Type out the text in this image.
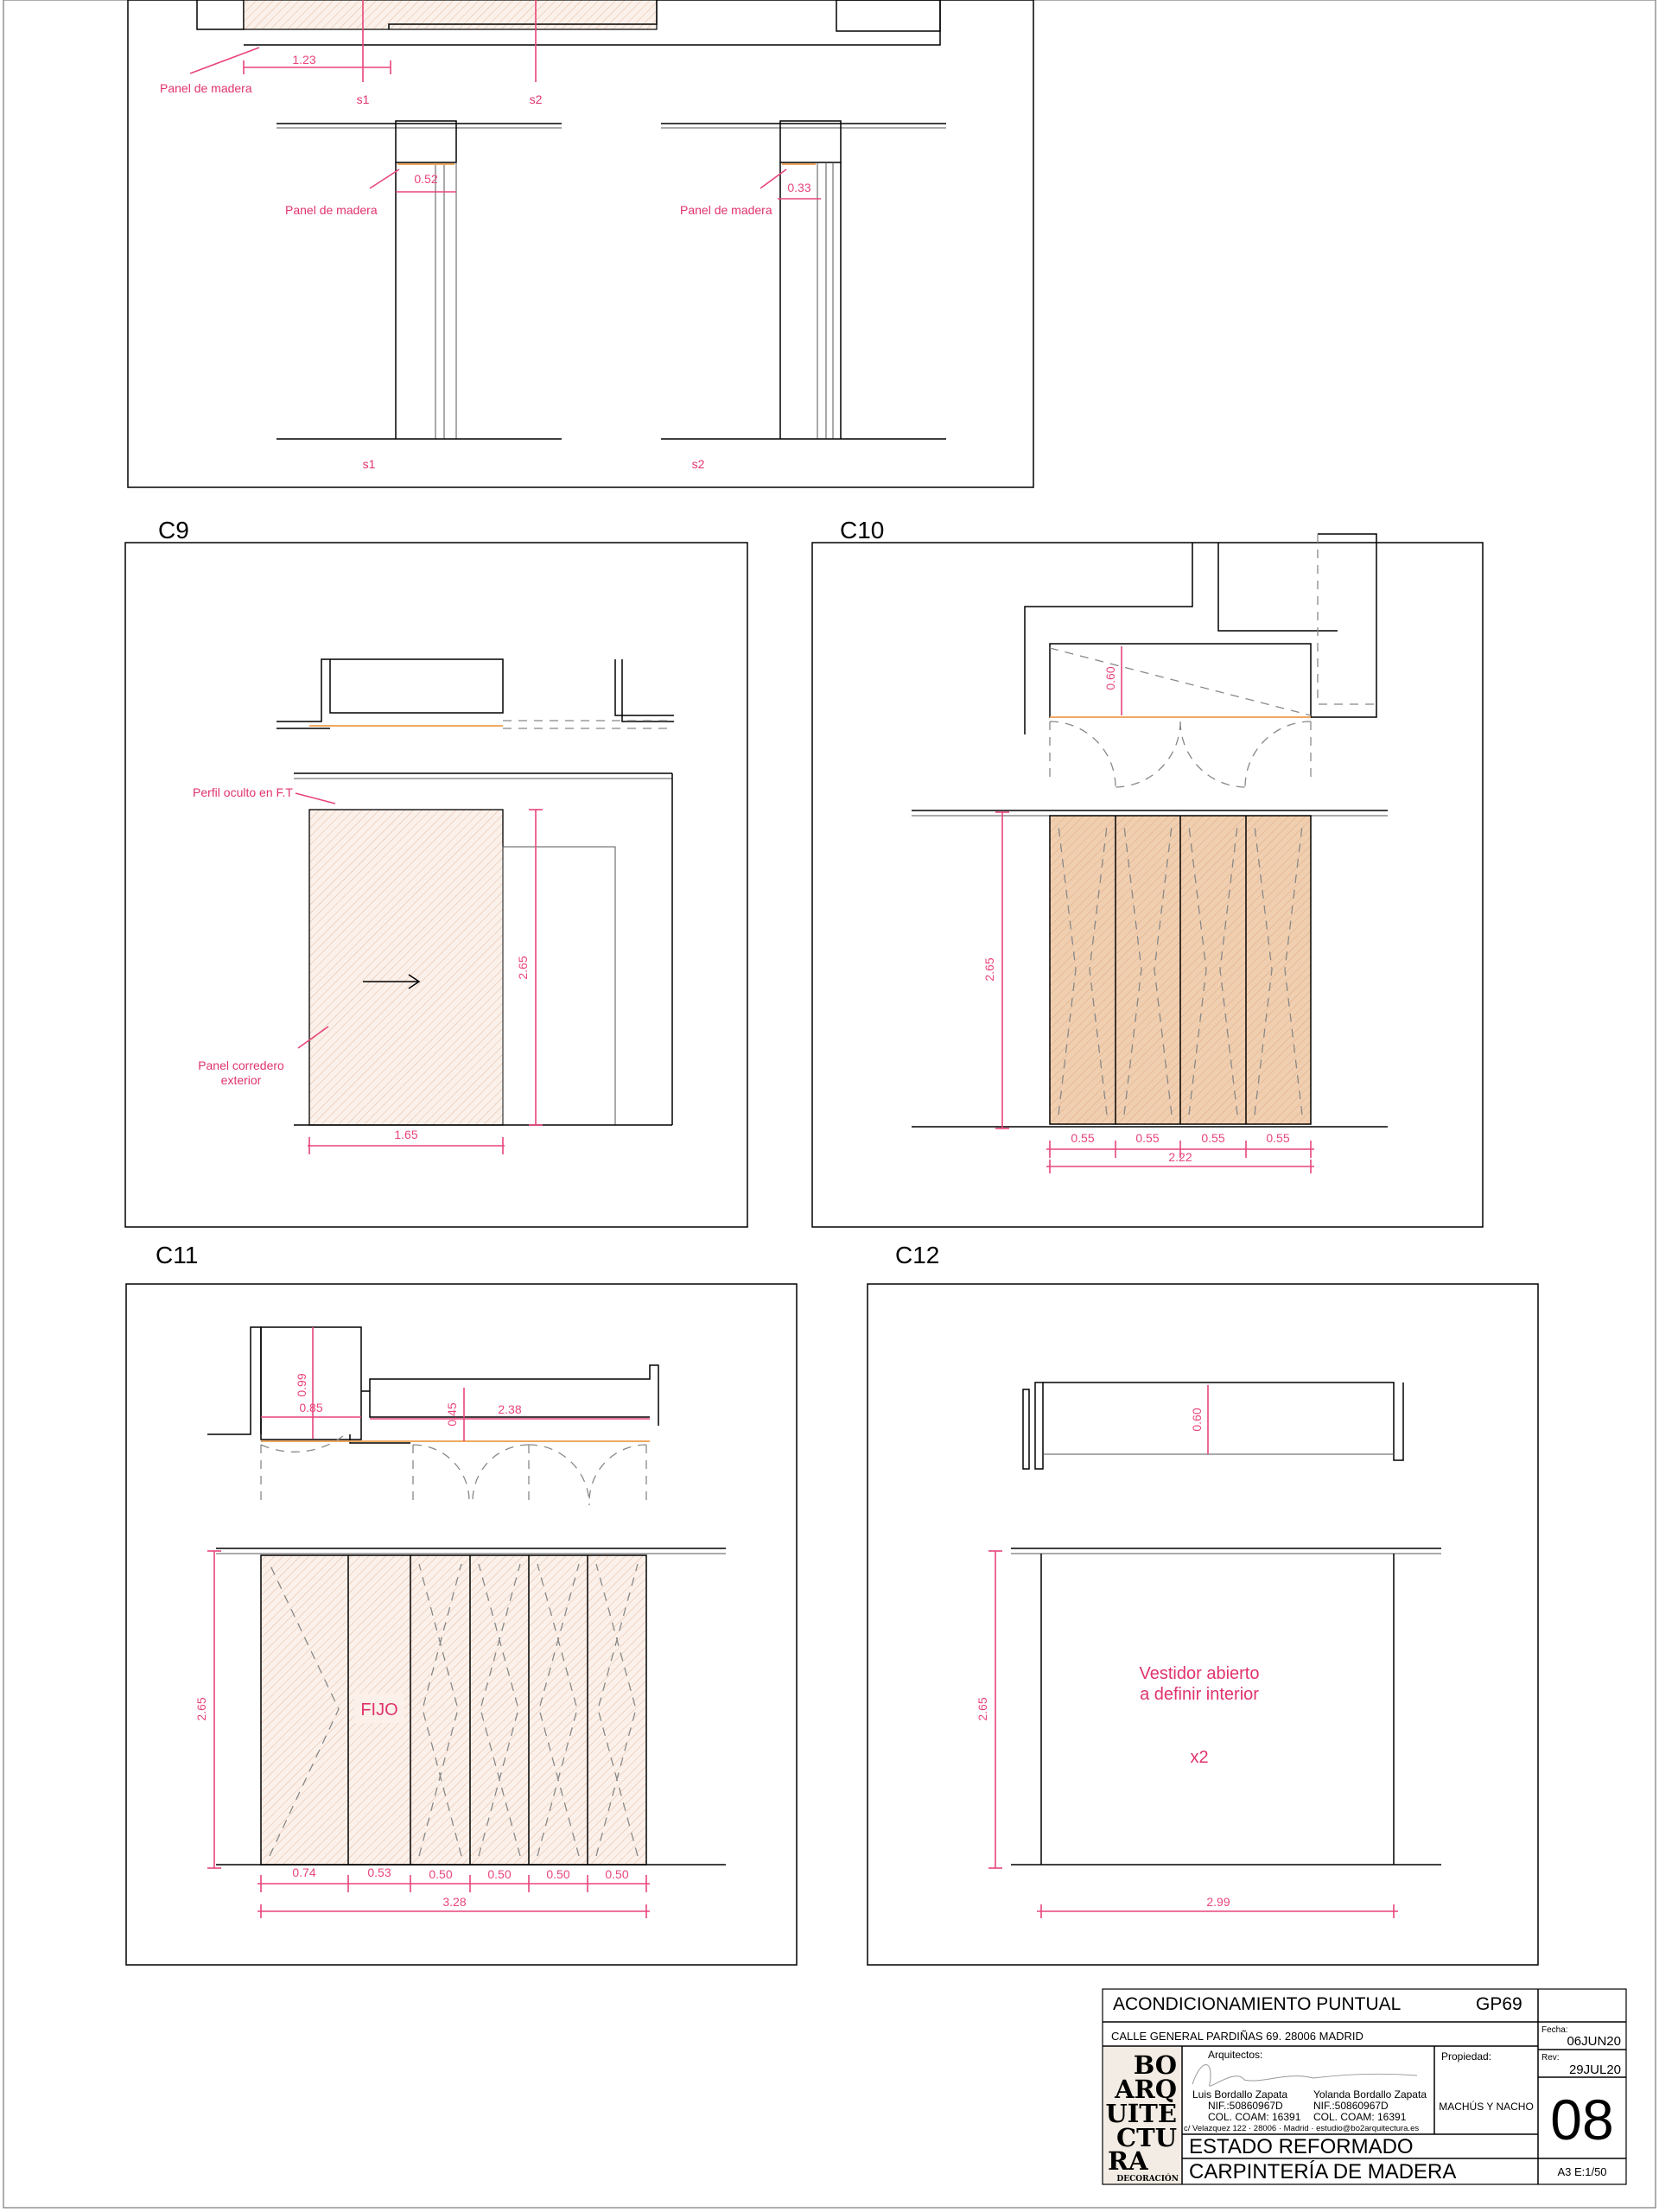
1.23
Panel de madera
s1	s2
0.52
Panel de madera
s1
0.33
Panel de madera
s2
C9
Perfil oculto en F.T
Panel corredero
exterior
2.65
1.65
C10
0.60
2.65
0.55	0.55	0.55	0.55
2.22
C11
0.99
0.85	0.45	2.38
FIJO
2.65
0.74	0.53	0.50	0.50	0.50	0.50
3.28
C12
0.60
Vestidor abierto
a definir interior
x2
2.65
2.99
ACONDICIONAMIENTO PUNTUAL	GP69
CALLE GENERAL PARDIÑAS 69. 28006 MADRID
BO
ARQ
UITE
CTU
RA
DECORACIÓN
Arquitectos:
Luis Bordallo Zapata
NIF.:50860967D
COL. COAM: 16391
Yolanda Bordallo Zapata
NIF.:50860967D
COL. COAM: 16391
c/ Velazquez 122 · 28006 · Madrid · estudio@bo2arquitectura.es
Propiedad:
MACHÚS Y NACHO
ESTADO REFORMADO
CARPINTERÍA DE MADERA
Fecha:
06JUN20
Rev:
29JUL20
08
A3 E:1/50
